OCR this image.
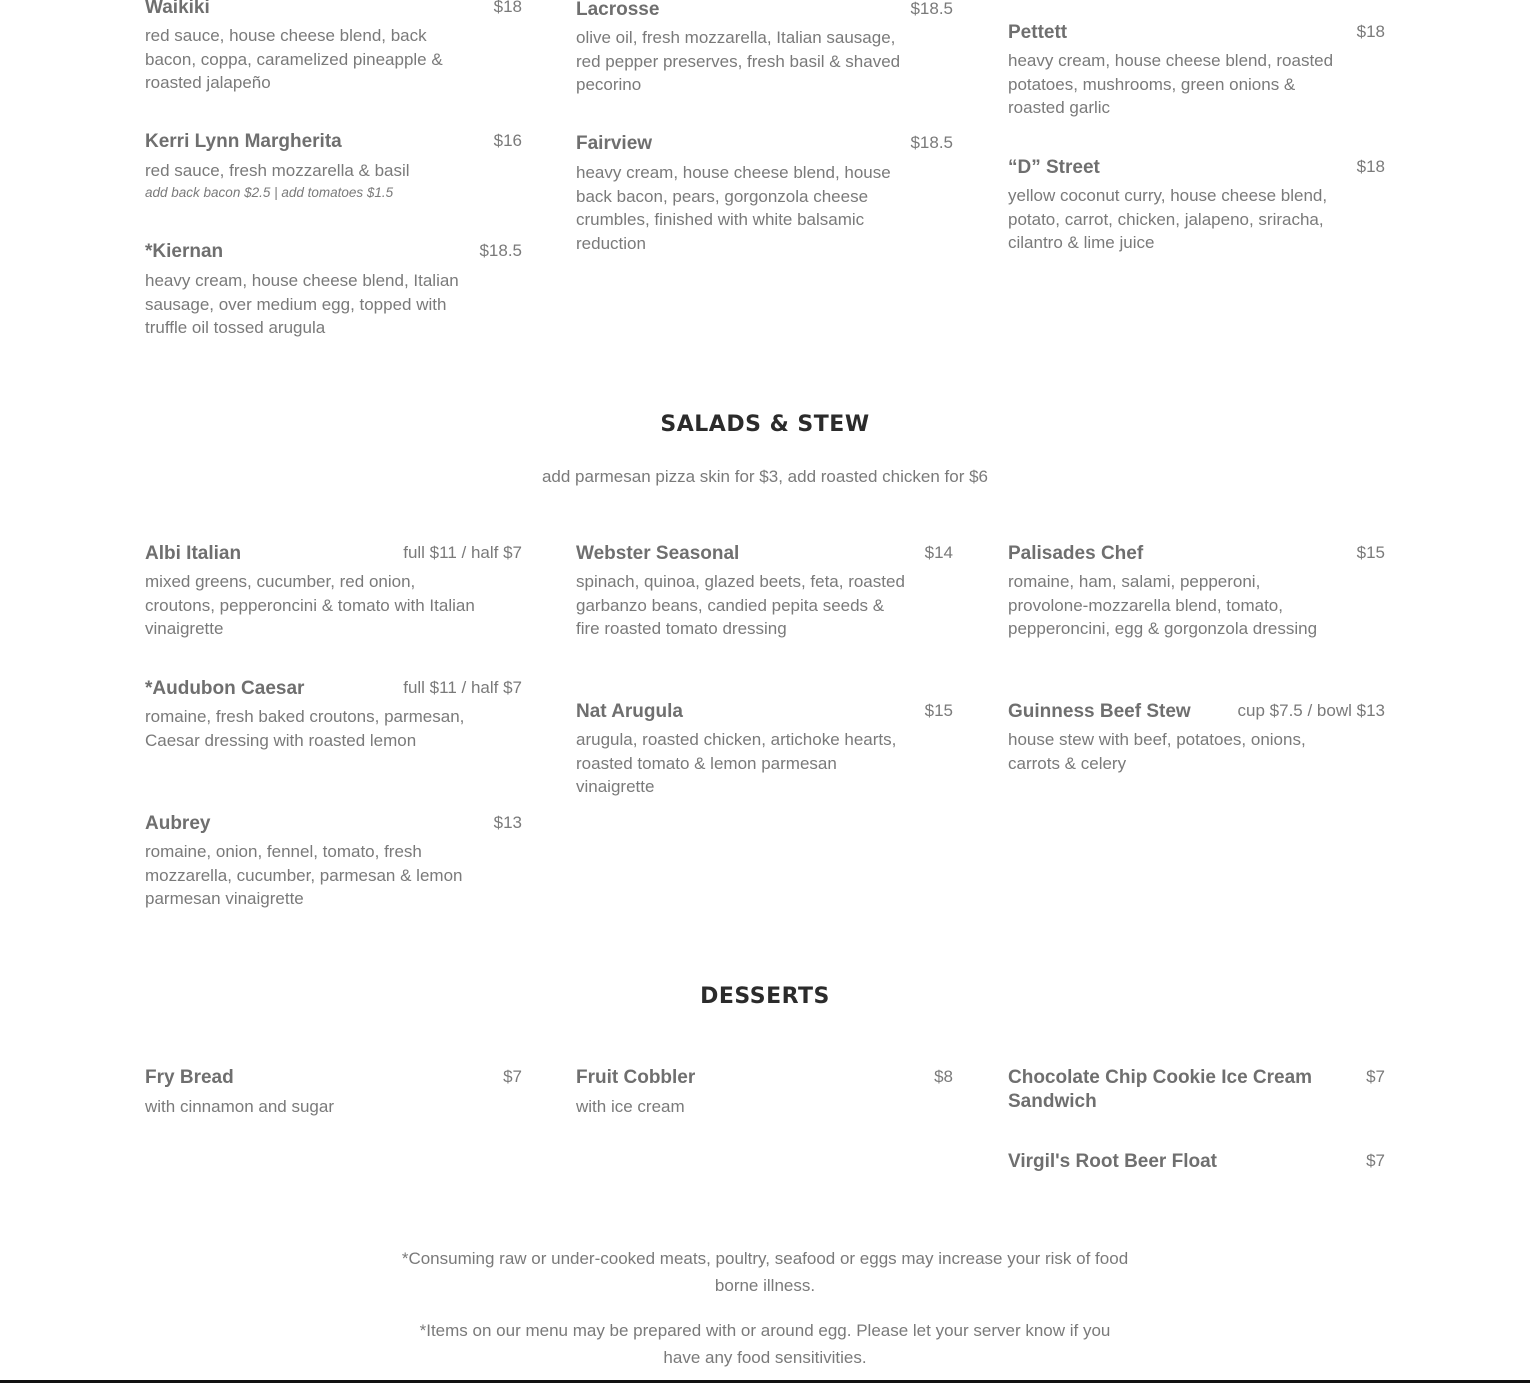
Waikiki	$18
red sauce, house cheese blend, back bacon, coppa, caramelized pineapple & roasted jalapeño
Kerri Lynn Margherita	$16
red sauce, fresh mozzarella & basil
add back bacon $2.5 | add tomatoes $1.5
*Kiernan	$18.5
heavy cream, house cheese blend, Italian sausage, over medium egg, topped with truffle oil tossed arugula
Lacrosse	$18.5
olive oil, fresh mozzarella, Italian sausage, red pepper preserves, fresh basil & shaved pecorino
Fairview	$18.5
heavy cream, house cheese blend, house back bacon, pears, gorgonzola cheese crumbles, finished with white balsamic reduction
Pettett	$18
heavy cream, house cheese blend, roasted potatoes, mushrooms, green onions & roasted garlic
“D” Street	$18
yellow coconut curry, house cheese blend, potato, carrot, chicken, jalapeno, sriracha, cilantro & lime juice
SALADS & STEW
add parmesan pizza skin for $3, add roasted chicken for $6
Albi Italian	full $11 / half $7
mixed greens, cucumber, red onion, croutons, pepperoncini & tomato with Italian vinaigrette
*Audubon Caesar	full $11 / half $7
romaine, fresh baked croutons, parmesan, Caesar dressing with roasted lemon
Aubrey	$13
romaine, onion, fennel, tomato, fresh mozzarella, cucumber, parmesan & lemon parmesan vinaigrette
Webster Seasonal	$14
spinach, quinoa, glazed beets, feta, roasted garbanzo beans, candied pepita seeds & fire roasted tomato dressing
Nat Arugula	$15
arugula, roasted chicken, artichoke hearts, roasted tomato & lemon parmesan vinaigrette
Palisades Chef	$15
romaine, ham, salami, pepperoni, provolone-mozzarella blend, tomato, pepperoncini, egg & gorgonzola dressing
Guinness Beef Stew	cup $7.5 / bowl $13
house stew with beef, potatoes, onions, carrots & celery
DESSERTS
Fry Bread	$7
with cinnamon and sugar
Fruit Cobbler	$8
with ice cream
Chocolate Chip Cookie Ice Cream Sandwich
$7
Virgil's Root Beer Float	$7
*Consuming raw or under-cooked meats, poultry, seafood or eggs may increase your risk of food borne illness.
*Items on our menu may be prepared with or around egg. Please let your server know if you have any food sensitivities.
